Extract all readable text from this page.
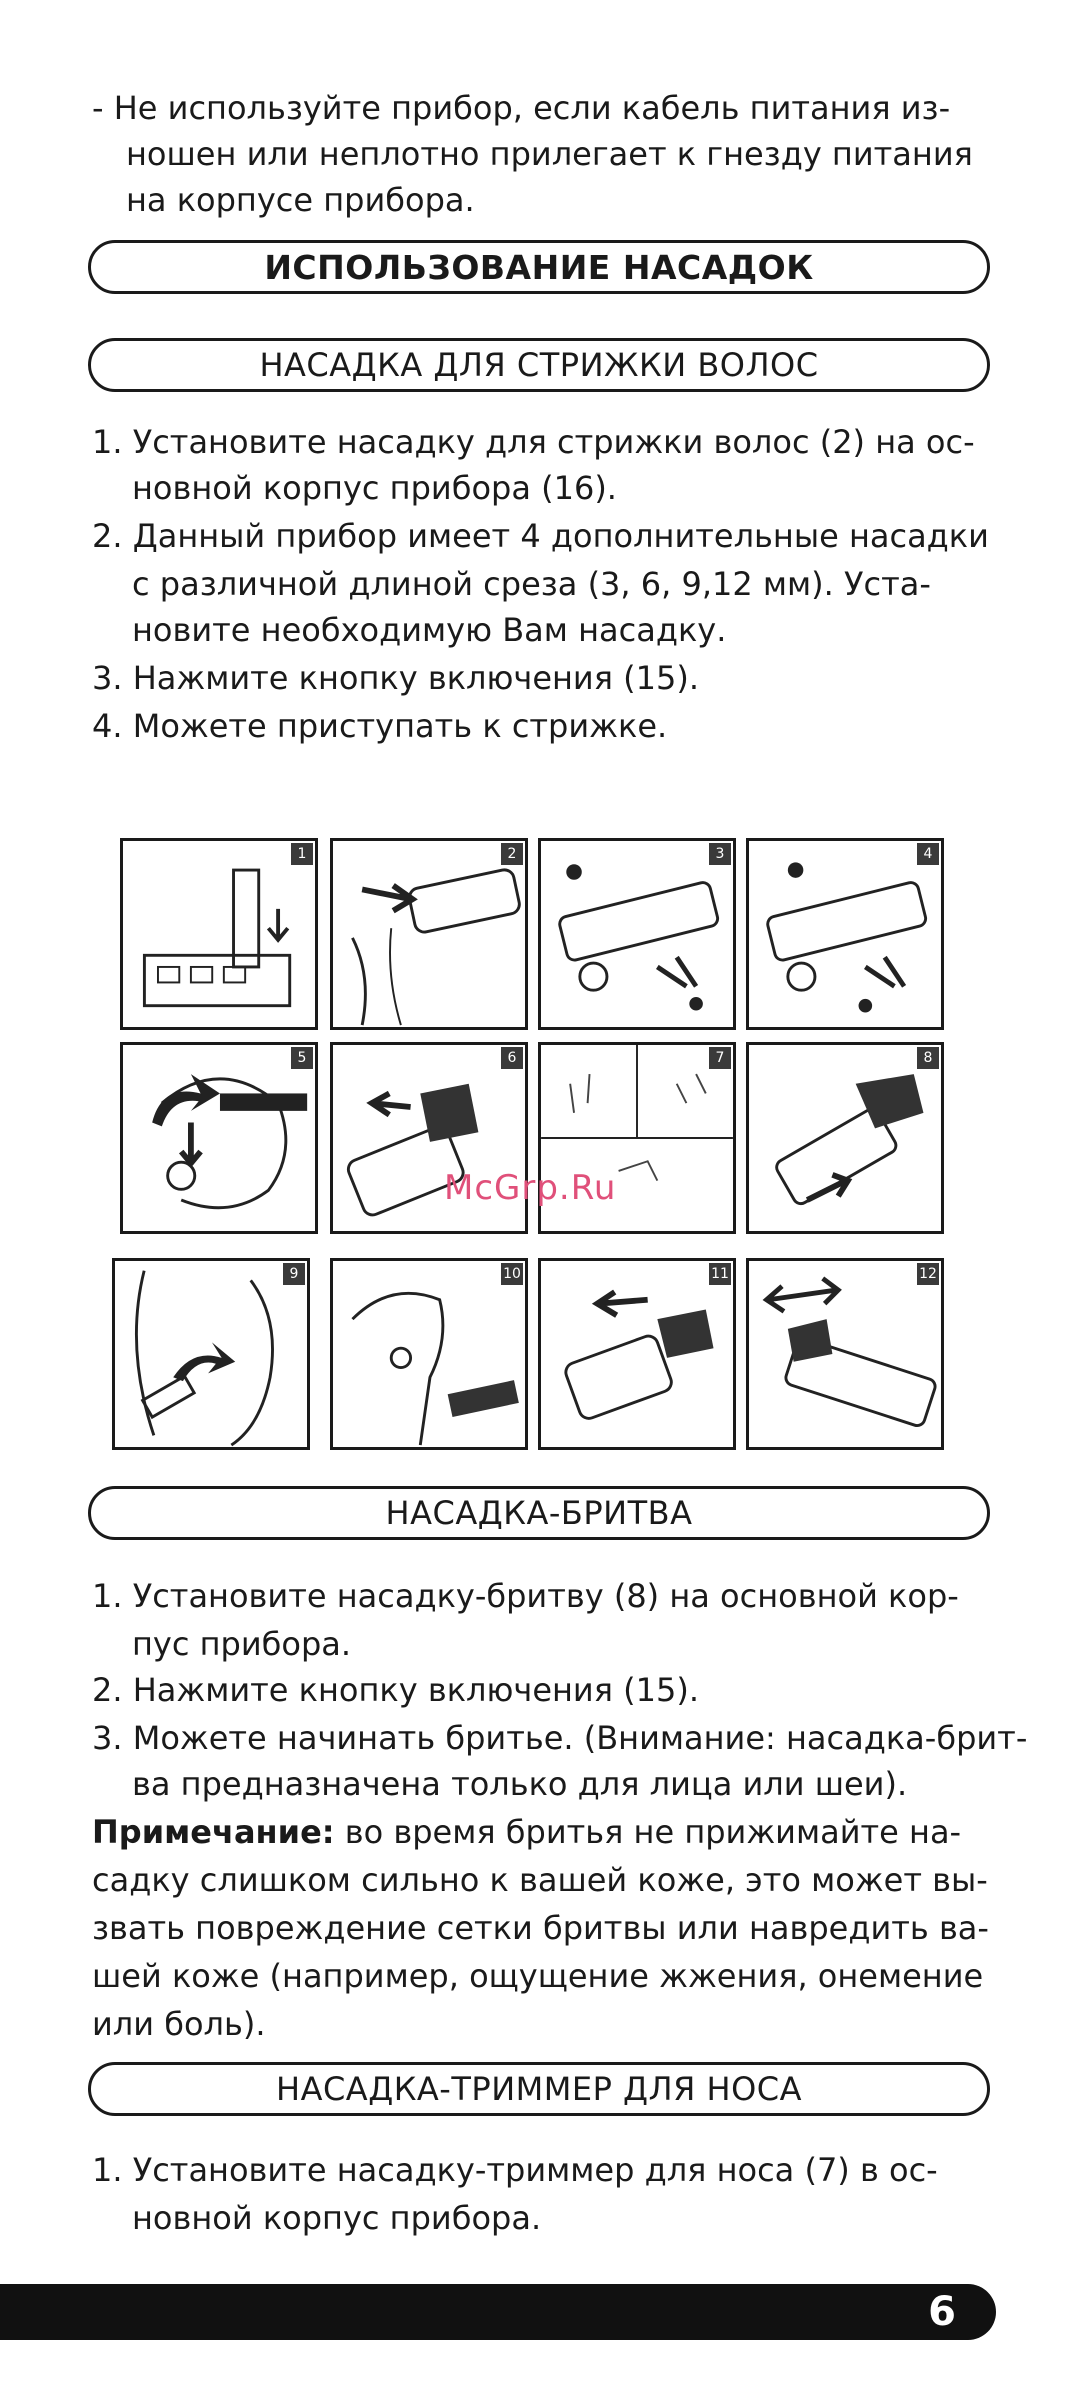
- Не используйте прибор, если кабель питания из-
ношен или неплотно прилегает к гнезду питания
на корпусе прибора.
ИСПОЛЬЗОВАНИЕ НАСАДОК
НАСАДКА ДЛЯ СТРИЖКИ ВОЛОС
1. Установите насадку для стрижки волос (2) на ос-
новной корпус прибора (16).
2. Данный прибор имеет 4 дополнительные насадки
с различной длиной среза (3, 6, 9,12 мм). Уста-
новите необходимую Вам насадку.
3. Нажмите кнопку включения (15).
4. Можете приступать к стрижке.
1	2	3	4
5	6	7	8
9	10	11	12
McGrp.Ru
НАСАДКА-БРИТВА
1. Установите насадку-бритву (8) на основной кор-
пус прибора.
2. Нажмите кнопку включения (15).
3. Можете начинать бритье. (Внимание: насадка-брит-
ва предназначена только для лица или шеи).
Примечание: во время бритья не прижимайте на-
садку слишком сильно к вашей коже, это может вы-
звать повреждение сетки бритвы или навредить ва-
шей коже (например, ощущение жжения, онемение
или боль).
НАСАДКА-ТРИММЕР ДЛЯ НОСА
1. Установите насадку-триммер для носа (7) в ос-
новной корпус прибора.
6
